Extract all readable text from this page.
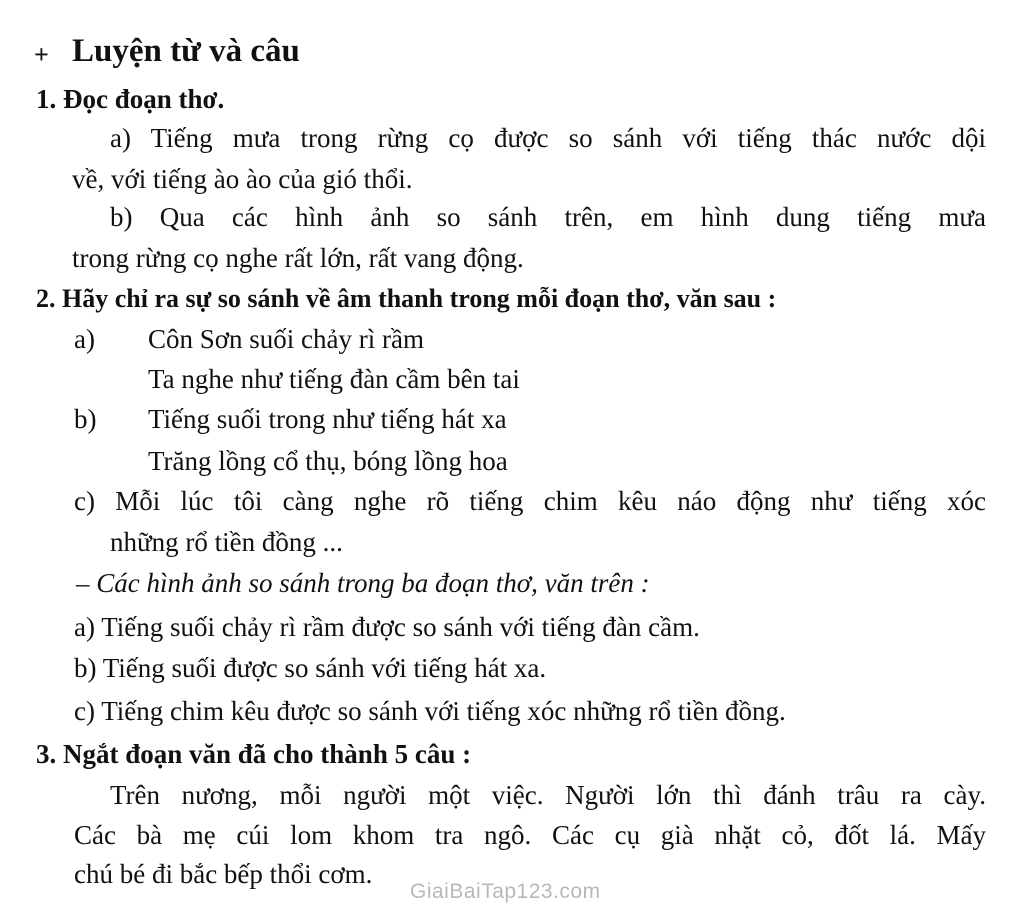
+ Luyện từ và câu
1. Đọc đoạn thơ.
a) Tiếng mưa trong rừng cọ được so sánh với tiếng thác nước dội
về, với tiếng ào ào của gió thổi.
b) Qua các hình ảnh so sánh trên, em hình dung tiếng mưa
trong rừng cọ nghe rất lớn, rất vang động.
2. Hãy chỉ ra sự so sánh về âm thanh trong mỗi đoạn thơ, văn sau :
a) Côn Sơn suối chảy rì rầm
Ta nghe như tiếng đàn cầm bên tai
b) Tiếng suối trong như tiếng hát xa
Trăng lồng cổ thụ, bóng lồng hoa
c) Mỗi lúc tôi càng nghe rõ tiếng chim kêu náo động như tiếng xóc
những rổ tiền đồng ...
– Các hình ảnh so sánh trong ba đoạn thơ, văn trên :
a) Tiếng suối chảy rì rầm được so sánh với tiếng đàn cầm.
b) Tiếng suối được so sánh với tiếng hát xa.
c) Tiếng chim kêu được so sánh với tiếng xóc những rổ tiền đồng.
3. Ngắt đoạn văn đã cho thành 5 câu :
Trên nương, mỗi người một việc. Người lớn thì đánh trâu ra cày.
Các bà mẹ cúi lom khom tra ngô. Các cụ già nhặt cỏ, đốt lá. Mấy
chú bé đi bắc bếp thổi cơm.
GiaiBaiTap123.com
